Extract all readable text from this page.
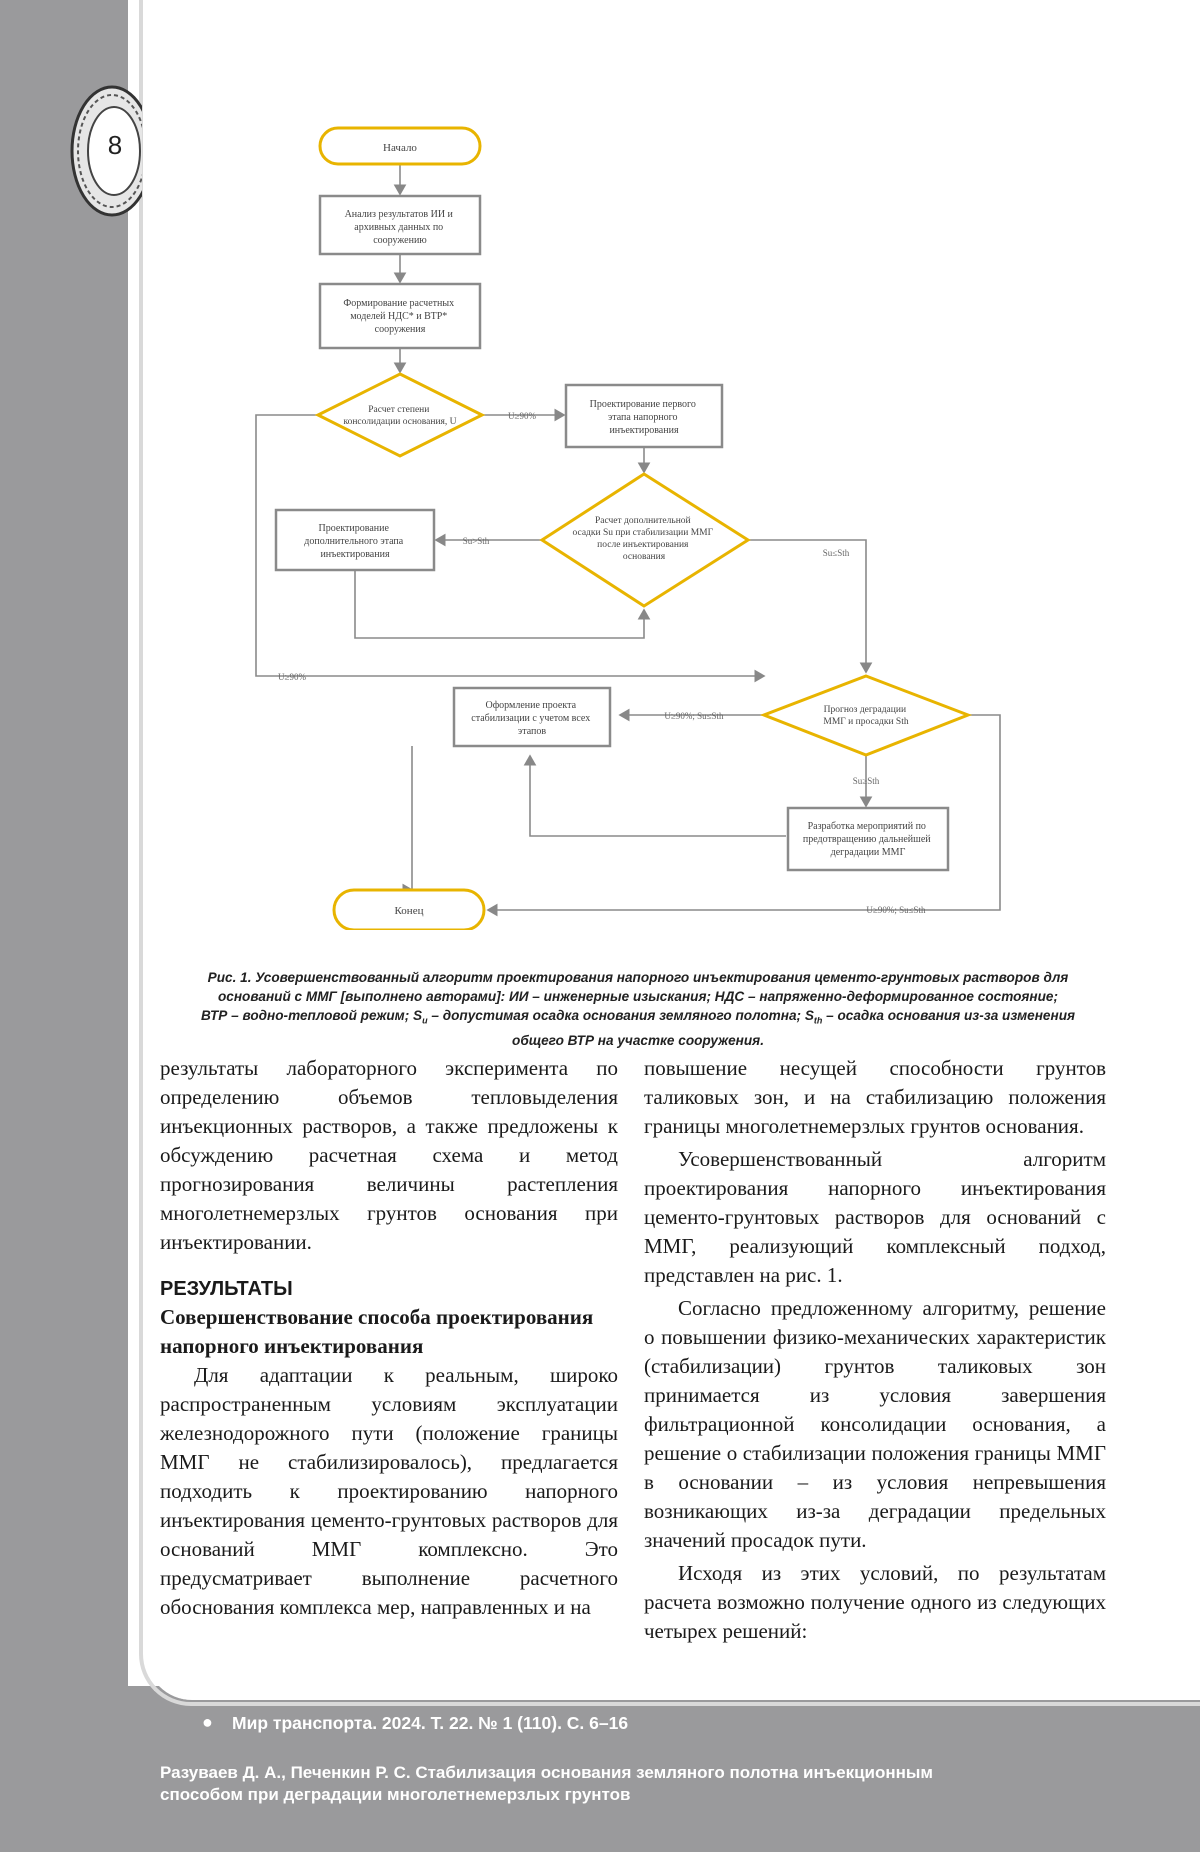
8	Начало
Анализ результатов ИИ и архивных данных по сооружению
Формирование расчетных моделей НДС* и ВТР* сооружения
Расчет степени консолидации основания, U
U≥90%
Проектирование первого этапа напорного инъектирования
Расчет дополнительной осадки Su при стабилизации ММГ после инъектирования основания
Su>Sth
Su≤Sth
Проектирование дополнительного этапа инъектирования
U≥90%
Прогноз деградации ММГ и просадки Sth
U≥90%; Su≤Sth
Su≥Sth
Оформление проекта стабилизации с учетом всех этапов
Разработка мероприятий по предотвращению дальнейшей деградации ММГ
Конец	U≥90%; Su≤Sth
Рис. 1. Усовершенствованный алгоритм проектирования напорного инъектирования цементо-грунтовых растворов для
оснований с ММГ [выполнено авторами]: ИИ – инженерные изыскания; НДС – напряженно-деформированное состояние;
ВТР – водно-тепловой режим; $S_u$ – допустимая осадка основания земляного полотна; $S_{th}$ – осадка основания из-за изменения
общего ВТР на участке сооружения.

результаты лабораторного эксперимента по определению объемов тепловыделения инъекционных растворов, а также предложены к обсуждению расчетная схема и метод прогнозирования величины растепления многолетнемерзлых грунтов основания при инъектировании.

РЕЗУЛЬТАТЫ
Совершенствование способа проектирования напорного инъектирования

Для адаптации к реальным, широко распространенным условиям эксплуатации железнодорожного пути (положение границы ММГ не стабилизировалось), предлагается подходить к проектированию напорного инъектирования цементо-грунтовых растворов для оснований ММГ комплексно. Это предусматривает выполнение расчетного обоснования комплекса мер, направленных и на

повышение несущей способности грунтов таликовых зон, и на стабилизацию положения границы многолетнемерзлых грунтов основания.

Усовершенствованный алгоритм проектирования напорного инъектирования цементо-грунтовых растворов для оснований с ММГ, реализующий комплексный подход, представлен на рис. 1.

Согласно предложенному алгоритму, решение о повышении физико-механических характеристик (стабилизации) грунтов таликовых зон принимается из условия завершения фильтрационной консолидации основания, а решение о стабилизации положения границы ММГ в основании – из условия непревышения возникающих из-за деградации предельных значений просадок пути.

Исходя из этих условий, по результатам расчета возможно получение одного из следующих четырех решений:

● Мир транспорта. 2024. Т. 22. № 1 (110). С. 6–16
Разуваев Д. А., Печенкин Р. С. Стабилизация основания земляного полотна инъекционным
способом при деградации многолетнемерзлых грунтов
